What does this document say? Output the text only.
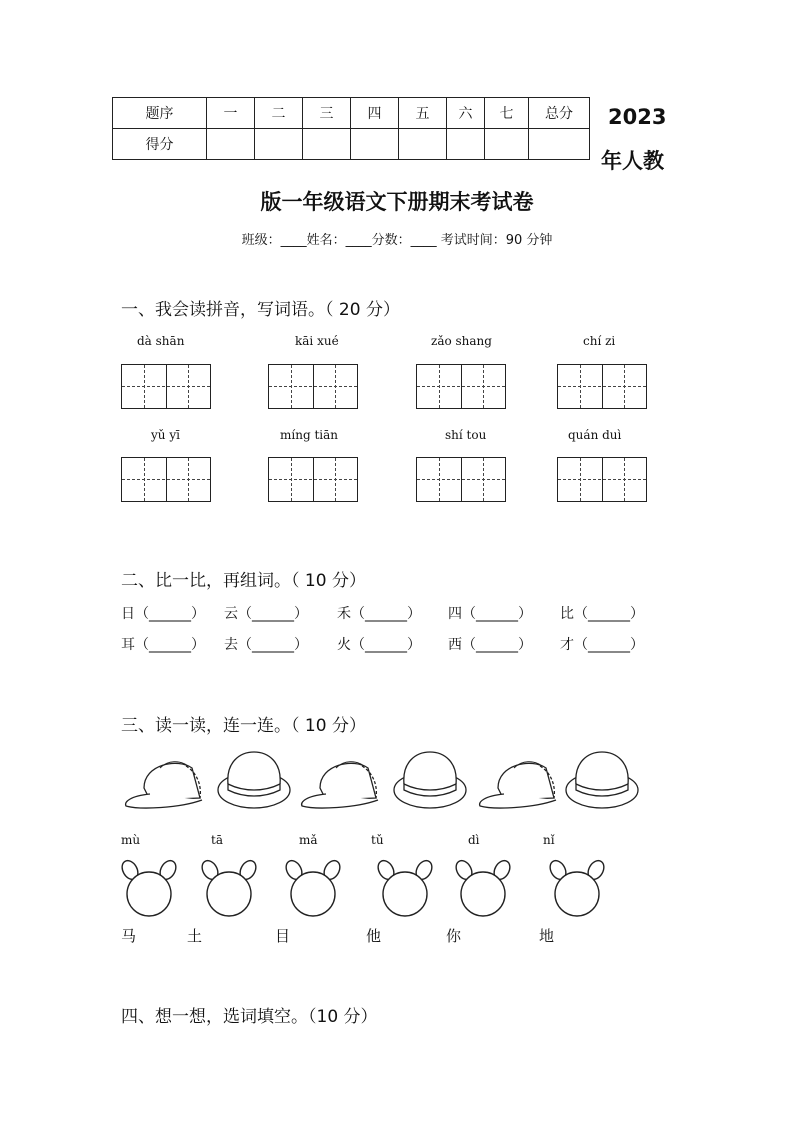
题序	一	二	三	四	五	六	七	总分
得分								
2023
年人教
版一年级语文下册期末考试卷
班级：____姓名：____分数：____ 考试时间：90 分钟
一、我会读拼音，写词语。（ 20 分）
dà shān	kāi xué	zǎo shang	chí zi
yǔ yī	míng tiān	shí tou	quán duì
二、比一比，再组词。（ 10 分）
日（______） 云（______） 禾（______） 四（______） 比（______）
耳（______） 去（______） 火（______） 西（______） 才（______）
三、读一读，连一连。（ 10 分）
mù	tā	mǎ	tǔ	dì	nǐ
马	土	目	他	你	地
四、想一想，选词填空。（10 分）
